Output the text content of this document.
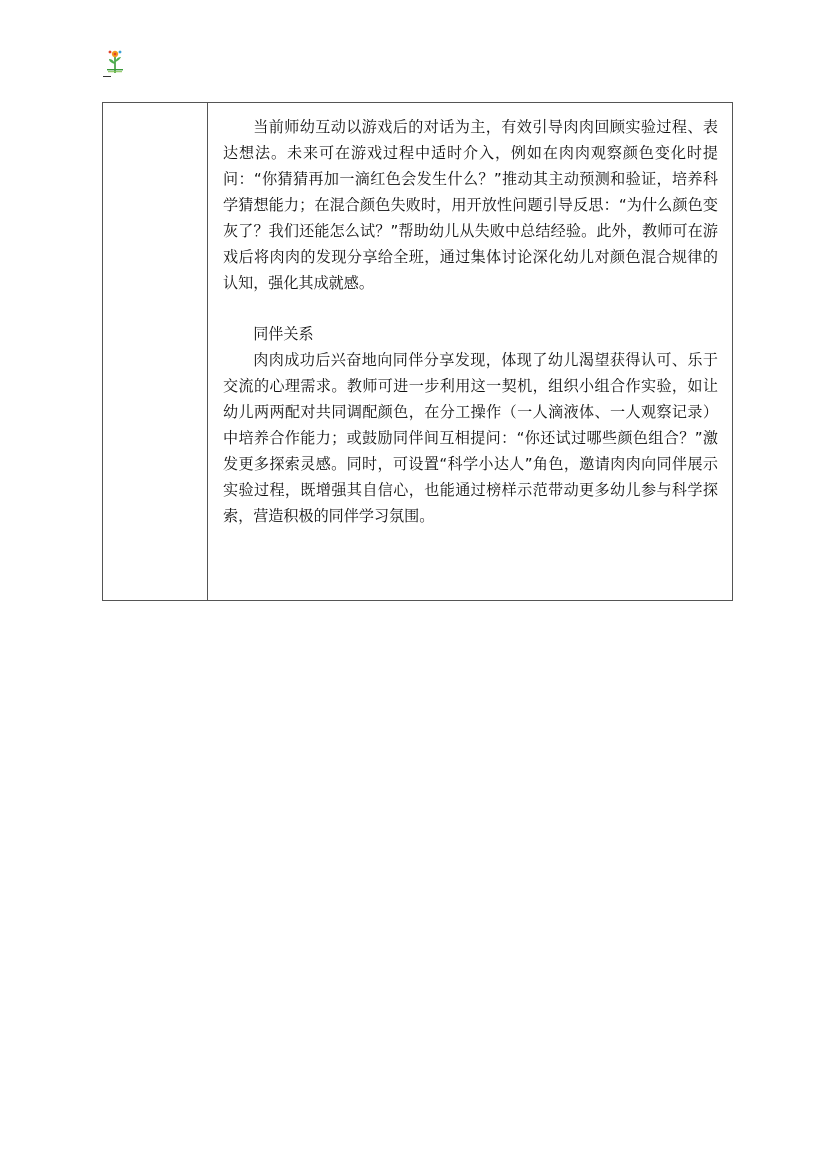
当前师幼互动以游戏后的对话为主，有效引导肉肉回顾实验过程、表达想法。未来可在游戏过程中适时介入，例如在肉肉观察颜色变化时提问：“你猜猜再加一滴红色会发生什么？”推动其主动预测和验证，培养科学猜想能力；在混合颜色失败时，用开放性问题引导反思：“为什么颜色变灰了？我们还能怎么试？”帮助幼儿从失败中总结经验。此外，教师可在游戏后将肉肉的发现分享给全班，通过集体讨论深化幼儿对颜色混合规律的认知，强化其成就感。

同伴关系

肉肉成功后兴奋地向同伴分享发现，体现了幼儿渴望获得认可、乐于交流的心理需求。教师可进一步利用这一契机，组织小组合作实验，如让幼儿两两配对共同调配颜色，在分工操作（一人滴液体、一人观察记录）中培养合作能力；或鼓励同伴间互相提问：“你还试过哪些颜色组合？”激发更多探索灵感。同时，可设置“科学小达人”角色，邀请肉肉向同伴展示实验过程，既增强其自信心，也能通过榜样示范带动更多幼儿参与科学探索，营造积极的同伴学习氛围。
